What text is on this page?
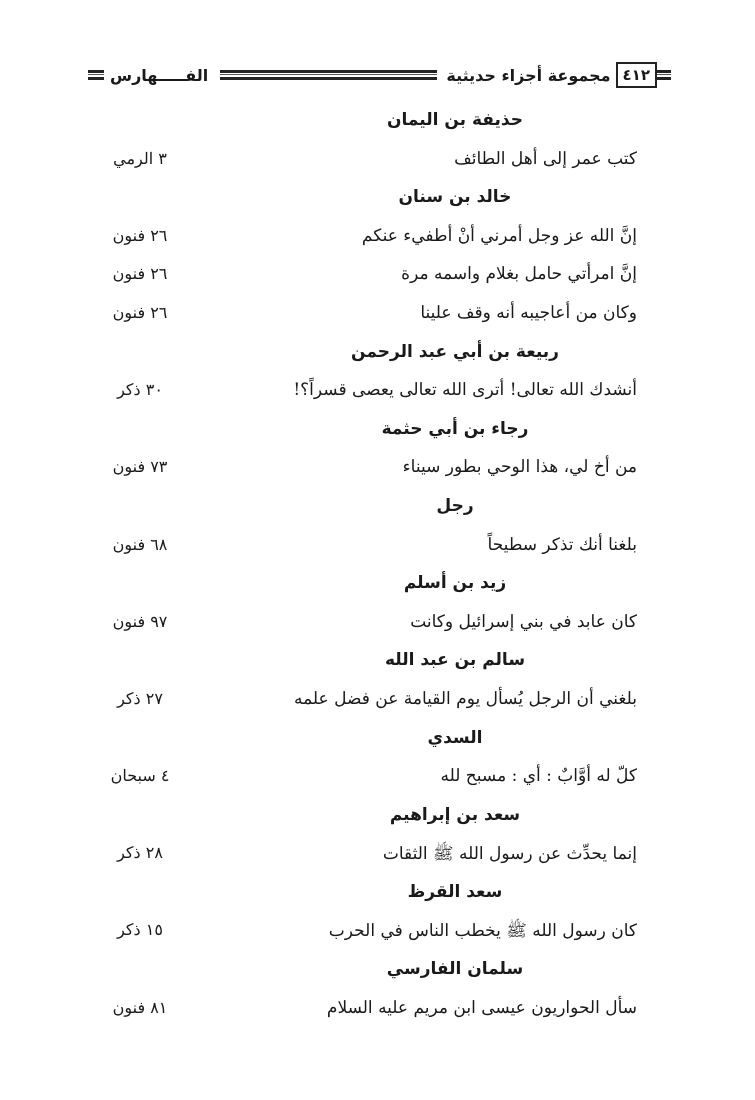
٤١٢
مجموعة أجزاء حديثية
الفـــــهارس
حذيفة بن اليمان
كتب عمر إلى أهل الطائف
٣ الرمي
خالد بن سنان
إنَّ الله عز وجل أمرني أنْ أطفيء عنكم
٢٦ فنون
إنَّ امرأتي حامل بغلام واسمه مرة
٢٦ فنون
وكان من أعاجيبه أنه وقف علينا
٢٦ فنون
ربيعة بن أبي عبد الرحمن
أنشدك الله تعالى! أترى الله تعالى يعصى قسراً؟!
٣٠ ذكر
رجاء بن أبي حثمة
من أخ لي، هذا الوحي بطور سيناء
٧٣ فنون
رجل
بلغنا أنك تذكر سطيحاً
٦٨ فنون
زيد بن أسلم
كان عابد في بني إسرائيل وكانت
٩٧ فنون
سالم بن عبد الله
بلغني أن الرجل يُسأل يوم القيامة عن فضل علمه
٢٧ ذكر
السدي
كلّ له أوَّابٌ : أي : مسبح لله
٤ سبحان
سعد بن إبراهيم
إنما يحدِّث عن رسول الله ﷺ الثقات
٢٨ ذكر
سعد القرظ
كان رسول الله ﷺ يخطب الناس في الحرب
١٥ ذكر
سلمان الفارسي
سأل الحواريون عيسى ابن مريم عليه السلام
٨١ فنون
